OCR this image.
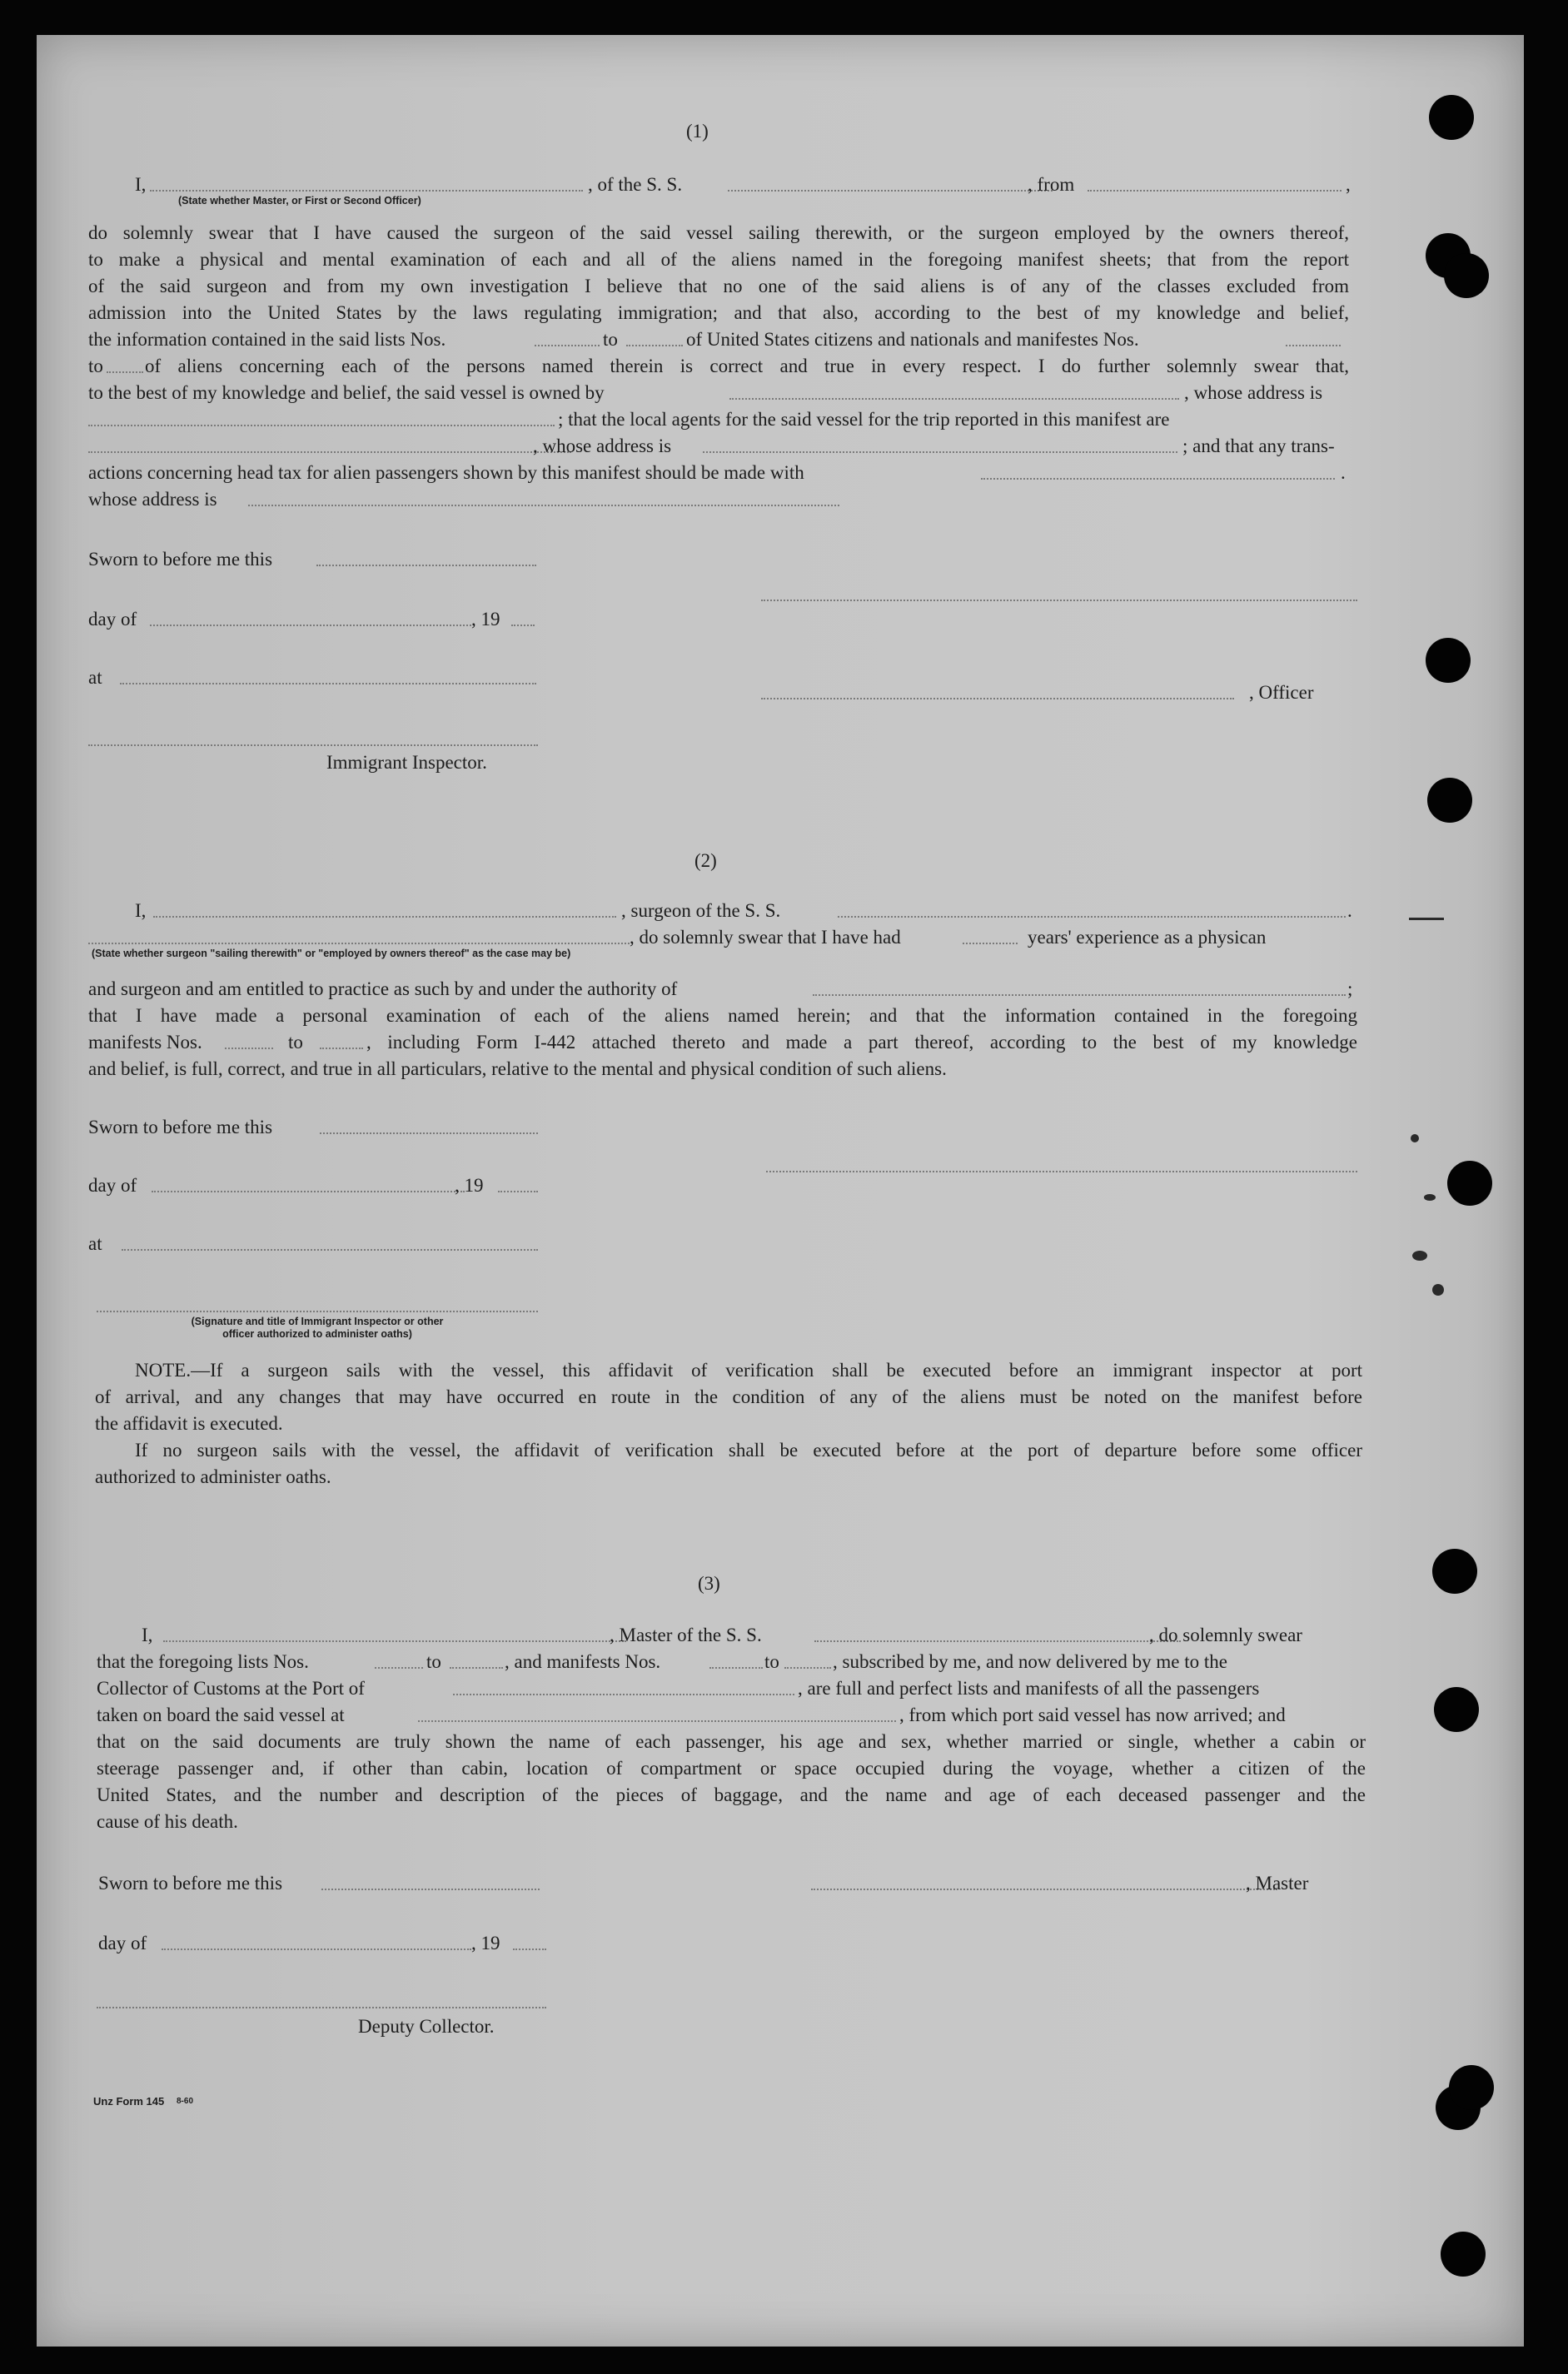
(1)
I,	, of the S. S.	, from	,
(State whether Master, or First or Second Officer)
do solemnly swear that I have caused the surgeon of the said vessel sailing therewith, or the surgeon employed by the owners thereof,
to make a physical and mental examination of each and all of the aliens named in the foregoing manifest sheets; that from the report
of the said surgeon and from my own investigation I believe that no one of the said aliens is of any of the classes excluded from
admission into the United States by the laws regulating immigration; and that also, according to the best of my knowledge and belief,
the information contained in the said lists Nos.	to	of United States citizens and nationals and manifestes Nos.
to of aliens concerning each of the persons named therein is correct and true in every respect. I do further solemnly swear that,
to the best of my knowledge and belief, the said vessel is owned by	, whose address is
; that the local agents for the said vessel for the trip reported in this manifest are
, whose address is	; and that any trans-
actions concerning head tax for alien passengers shown by this manifest should be made with	.
whose address is
Sworn to before me this
day of	, 19
at
, Officer
Immigrant Inspector.
(2)
I,	, surgeon of the S. S.	.
, do solemnly swear that I have had	years' experience as a physican
(State whether surgeon "sailing therewith" or "employed by owners thereof" as the case may be)
and surgeon and am entitled to practice as such by and under the authority of	;
that I have made a personal examination of each of the aliens named herein; and that the information contained in the foregoing
manifests Nos.	to	, including Form I-442 attached thereto and made a part thereof, according to the best of my knowledge
and belief, is full, correct, and true in all particulars, relative to the mental and physical condition of such aliens.
Sworn to before me this
day of	, 19
at
(Signature and title of Immigrant Inspector or other
officer authorized to administer oaths)
NOTE.—If a surgeon sails with the vessel, this affidavit of verification shall be executed before an immigrant inspector at port
of arrival, and any changes that may have occurred en route in the condition of any of the aliens must be noted on the manifest before
the affidavit is executed.
If no surgeon sails with the vessel, the affidavit of verification shall be executed before at the port of departure before some officer
authorized to administer oaths.
(3)
I,	, Master of the S. S.	, do solemnly swear
that the foregoing lists Nos.	to	, and manifests Nos.	to	, subscribed by me, and now delivered by me to the
Collector of Customs at the Port of	, are full and perfect lists and manifests of all the passengers
taken on board the said vessel at	, from which port said vessel has now arrived; and
that on the said documents are truly shown the name of each passenger, his age and sex, whether married or single, whether a cabin or
steerage passenger and, if other than cabin, location of compartment or space occupied during the voyage, whether a citizen of the
United States, and the number and description of the pieces of baggage, and the name and age of each deceased passenger and the
cause of his death.
Sworn to before me this	, Master
day of	, 19
Deputy Collector.
Unz Form 145 8-60
